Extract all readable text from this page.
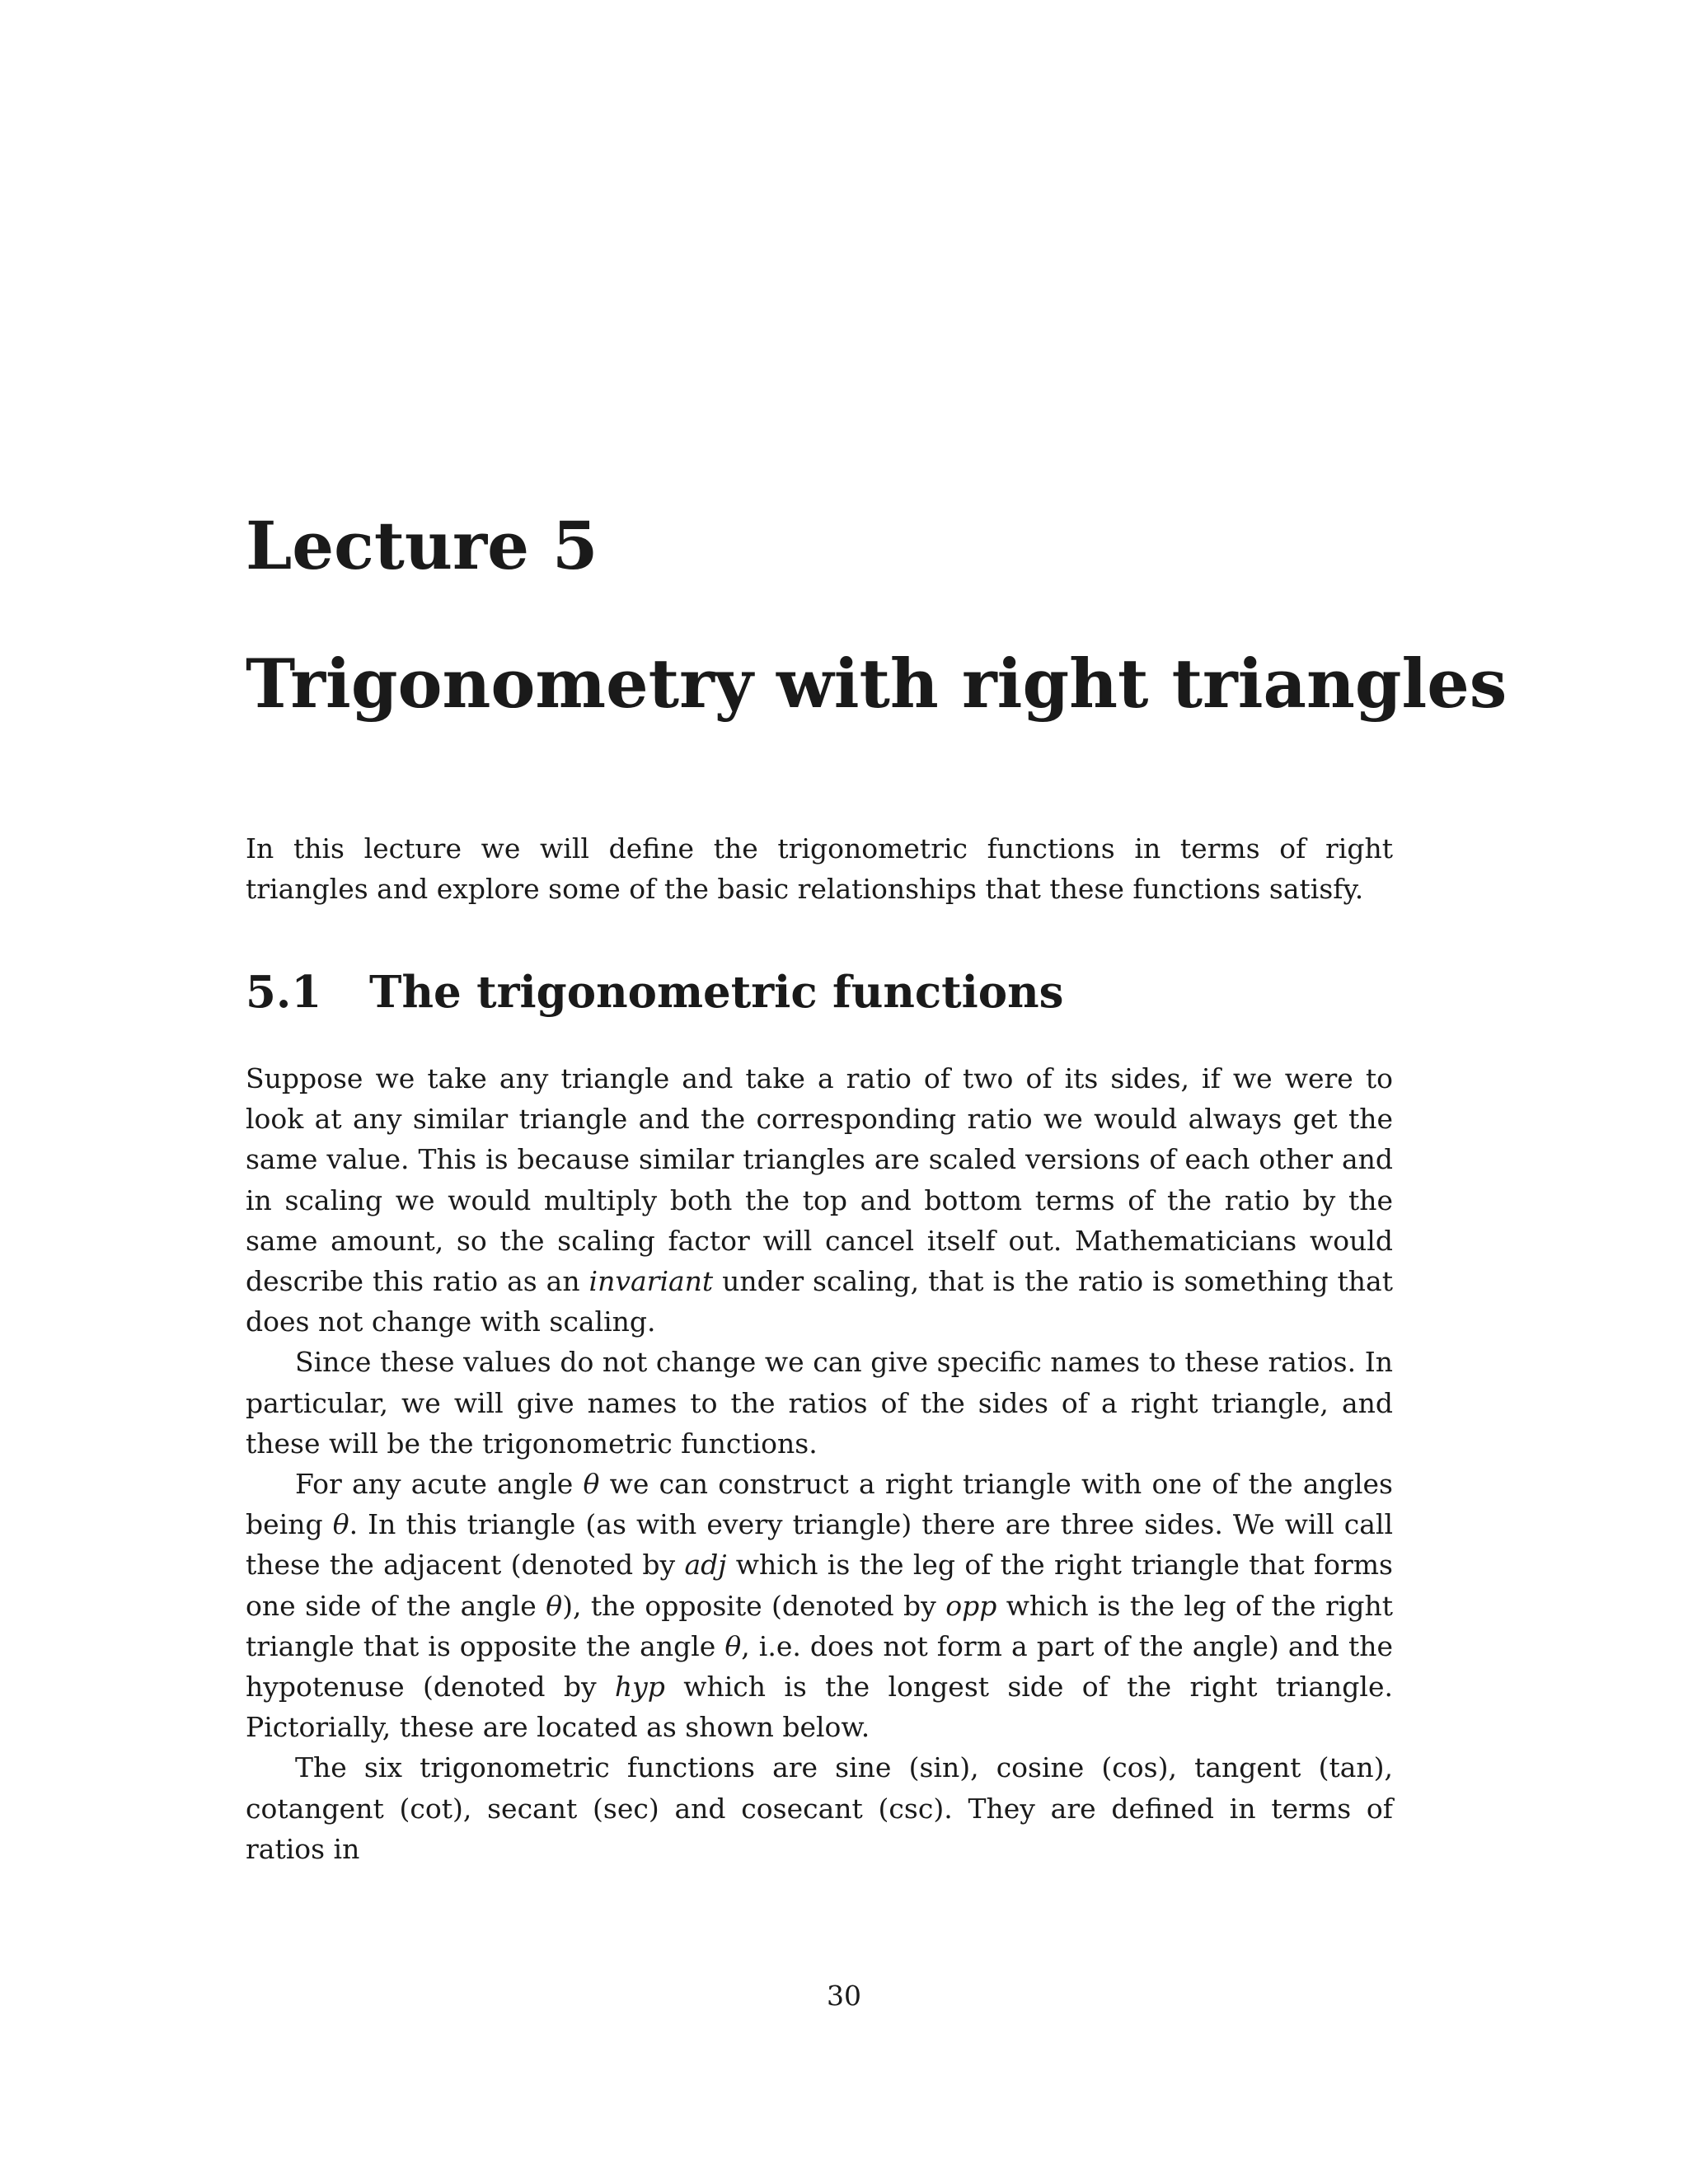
Lecture 5
Trigonometry with right triangles

In this lecture we will define the trigonometric functions in terms of right triangles and explore some of the basic relationships that these functions satisfy.

5.1 The trigonometric functions

Suppose we take any triangle and take a ratio of two of its sides, if we were to look at any similar triangle and the corresponding ratio we would always get the same value. This is because similar triangles are scaled versions of each other and in scaling we would multiply both the top and bottom terms of the ratio by the same amount, so the scaling factor will cancel itself out. Mathematicians would describe this ratio as an invariant under scaling, that is the ratio is something that does not change with scaling.

Since these values do not change we can give specific names to these ratios. In particular, we will give names to the ratios of the sides of a right triangle, and these will be the trigonometric functions.

For any acute angle θ we can construct a right triangle with one of the angles being θ. In this triangle (as with every triangle) there are three sides. We will call these the adjacent (denoted by adj which is the leg of the right triangle that forms one side of the angle θ), the opposite (denoted by opp which is the leg of the right triangle that is opposite the angle θ, i.e. does not form a part of the angle) and the hypotenuse (denoted by hyp which is the longest side of the right triangle. Pictorially, these are located as shown below.

The six trigonometric functions are sine (sin), cosine (cos), tangent (tan), cotangent (cot), secant (sec) and cosecant (csc). They are defined in terms of ratios in

30
